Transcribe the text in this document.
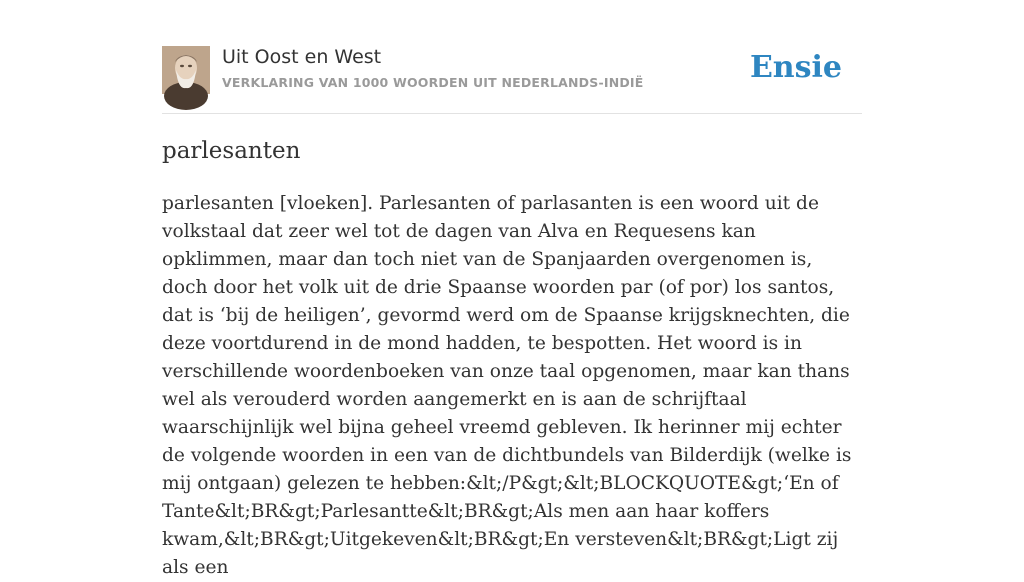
Uit Oost en West
VERKLARING VAN 1000 WOORDEN UIT NEDERLANDS-INDIË	Ensie
parlesanten

parlesanten [vloeken]. Parlesanten of parlasanten is een woord uit de volkstaal dat zeer wel tot de dagen van Alva en Requesens kan opklimmen, maar dan toch niet van de Spanjaarden overgenomen is, doch door het volk uit de drie Spaanse woorden par (of por) los santos, dat is ‘bij de heiligen’, gevormd werd om de Spaanse krijgsknechten, die deze voortdurend in de mond hadden, te bespotten. Het woord is in verschillende woordenboeken van onze taal opgenomen, maar kan thans wel als verouderd worden aangemerkt en is aan de schrijftaal waarschijnlijk wel bijna geheel vreemd gebleven. Ik herinner mij echter de volgende woorden in een van de dichtbundels van Bilderdijk (welke is mij ontgaan) gelezen te hebben:&lt;/P&gt;&lt;BLOCKQUOTE&gt;‘En of Tante&lt;BR&gt;Parlesantte&lt;BR&gt;Als men aan haar koffers kwam,&lt;BR&gt;Uitgekeven&lt;BR&gt;En versteven&lt;BR&gt;Ligt zij als een
